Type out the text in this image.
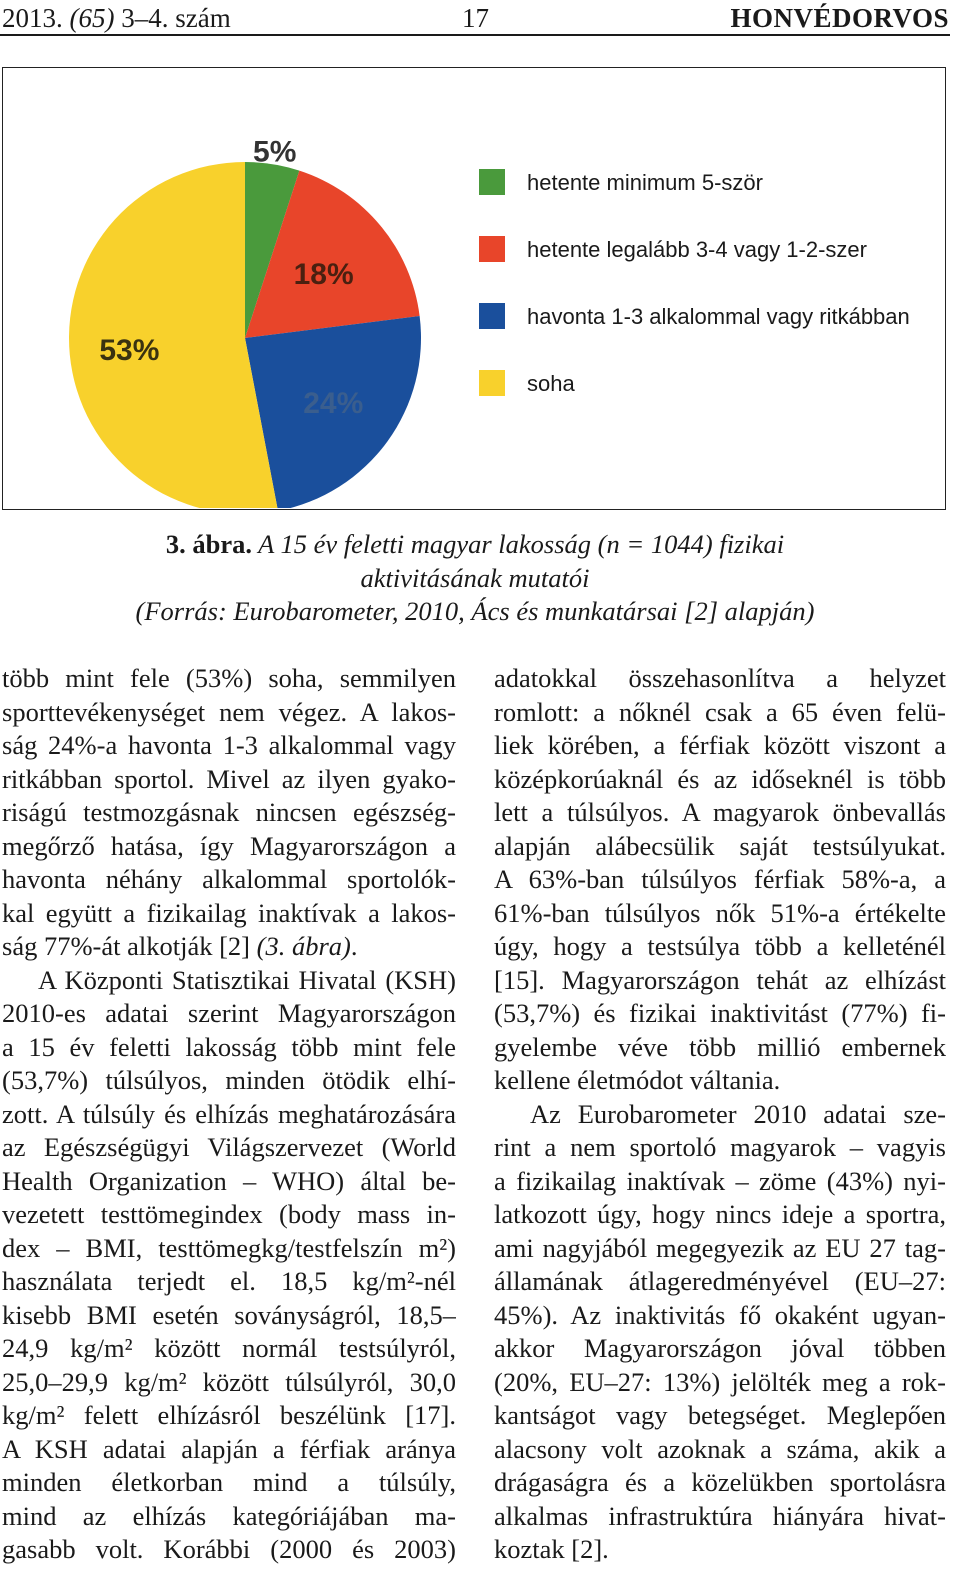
2013. (65) 3–4. szám	17	HONVÉDORVOS
5%
18%
24%
53%
hetente minimum 5-ször
hetente legalább 3-4 vagy 1-2-szer
havonta 1-3 alkalommal vagy ritkábban
soha
3. ábra. A 15 év feletti magyar lakosság (n = 1044) fizikai
aktivitásának mutatói
(Forrás: Eurobarometer, 2010, Ács és munkatársai [2] alapján)
több mint fele (53%) soha, semmilyen
sporttevékenységet nem végez. A lakos-
ság 24%-a havonta 1-3 alkalommal vagy
ritkábban sportol. Mivel az ilyen gyako-
riságú testmozgásnak nincsen egészség-
megőrző hatása, így Magyarországon a
havonta néhány alkalommal sportolók-
kal együtt a fizikailag inaktívak a lakos-
ság 77%-át alkotják [2] (3. ábra).
A Központi Statisztikai Hivatal (KSH)
2010-es adatai szerint Magyarországon
a 15 év feletti lakosság több mint fele
(53,7%) túlsúlyos, minden ötödik elhí-
zott. A túlsúly és elhízás meghatározására
az Egészségügyi Világszervezet (World
Health Organization – WHO) által be-
vezetett testtömegindex (body mass in-
dex – BMI, testtömegkg/testfelszín m²)
használata terjedt el. 18,5 kg/m²-nél
kisebb BMI esetén soványságról, 18,5–
24,9 kg/m² között normál testsúlyról,
25,0–29,9 kg/m² között túlsúlyról, 30,0
kg/m² felett elhízásról beszélünk [17].
A KSH adatai alapján a férfiak aránya
minden életkorban mind a túlsúly,
mind az elhízás kategóriájában ma-
gasabb volt. Korábbi (2000 és 2003)
adatokkal összehasonlítva a helyzet
romlott: a nőknél csak a 65 éven felü-
liek körében, a férfiak között viszont a
középkorúaknál és az időseknél is több
lett a túlsúlyos. A magyarok önbevallás
alapján alábecsülik saját testsúlyukat.
A 63%-ban túlsúlyos férfiak 58%-a, a
61%-ban túlsúlyos nők 51%-a értékelte
úgy, hogy a testsúlya több a kelleténél
[15]. Magyarországon tehát az elhízást
(53,7%) és fizikai inaktivitást (77%) fi-
gyelembe véve több millió embernek
kellene életmódot váltania.
Az Eurobarometer 2010 adatai sze-
rint a nem sportoló magyarok – vagyis
a fizikailag inaktívak – zöme (43%) nyi-
latkozott úgy, hogy nincs ideje a sportra,
ami nagyjából megegyezik az EU 27 tag-
államának átlageredményével (EU–27:
45%). Az inaktivitás fő okaként ugyan-
akkor Magyarországon jóval többen
(20%, EU–27: 13%) jelölték meg a rok-
kantságot vagy betegséget. Meglepően
alacsony volt azoknak a száma, akik a
drágaságra és a közelükben sportolásra
alkalmas infrastruktúra hiányára hivat-
koztak [2].
